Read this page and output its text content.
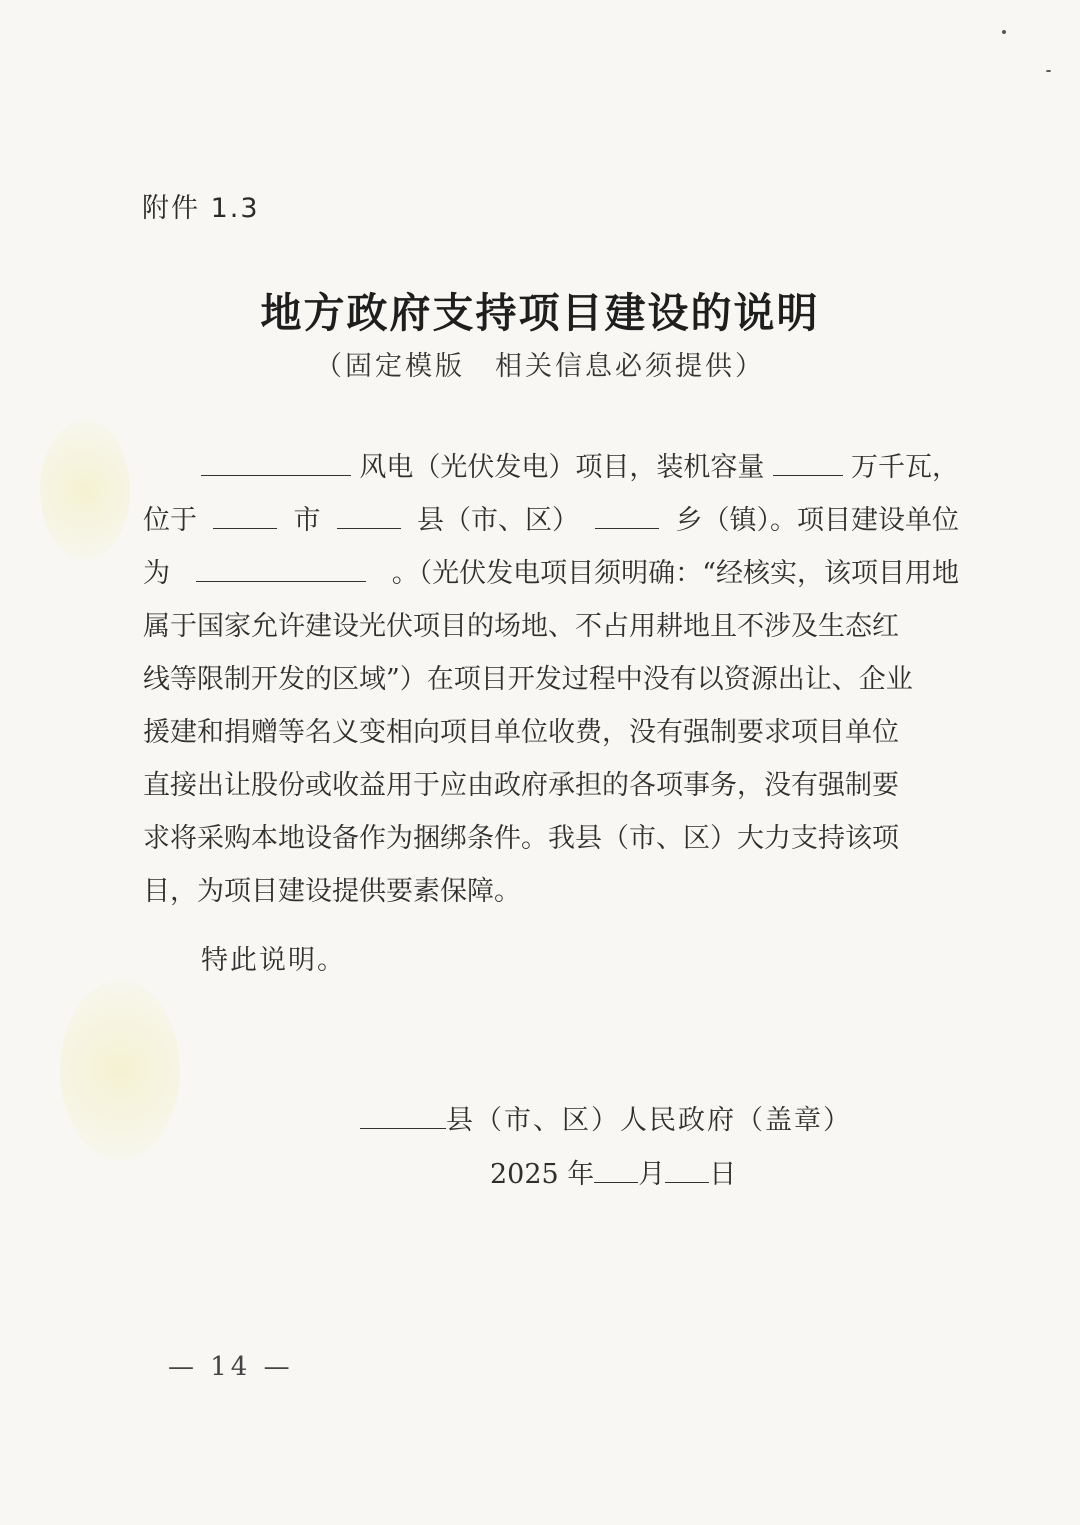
附件 1.3
地方政府支持项目建设的说明
（固定模版　相关信息必须提供）
风电（光伏发电）项目，装机容量	万千瓦，
位于	市	县（市、区）	乡（镇）。项目建设单位
为	。（光伏发电项目须明确：“经核实，该项目用地
属于国家允许建设光伏项目的场地、不占用耕地且不涉及生态红
线等限制开发的区域”）在项目开发过程中没有以资源出让、企业
援建和捐赠等名义变相向项目单位收费，没有强制要求项目单位
直接出让股份或收益用于应由政府承担的各项事务，没有强制要
求将采购本地设备作为捆绑条件。我县（市、区）大力支持该项
目，为项目建设提供要素保障。
特此说明。
县（市、区）人民政府（盖章）
2025 年 月 日
— 14 —
